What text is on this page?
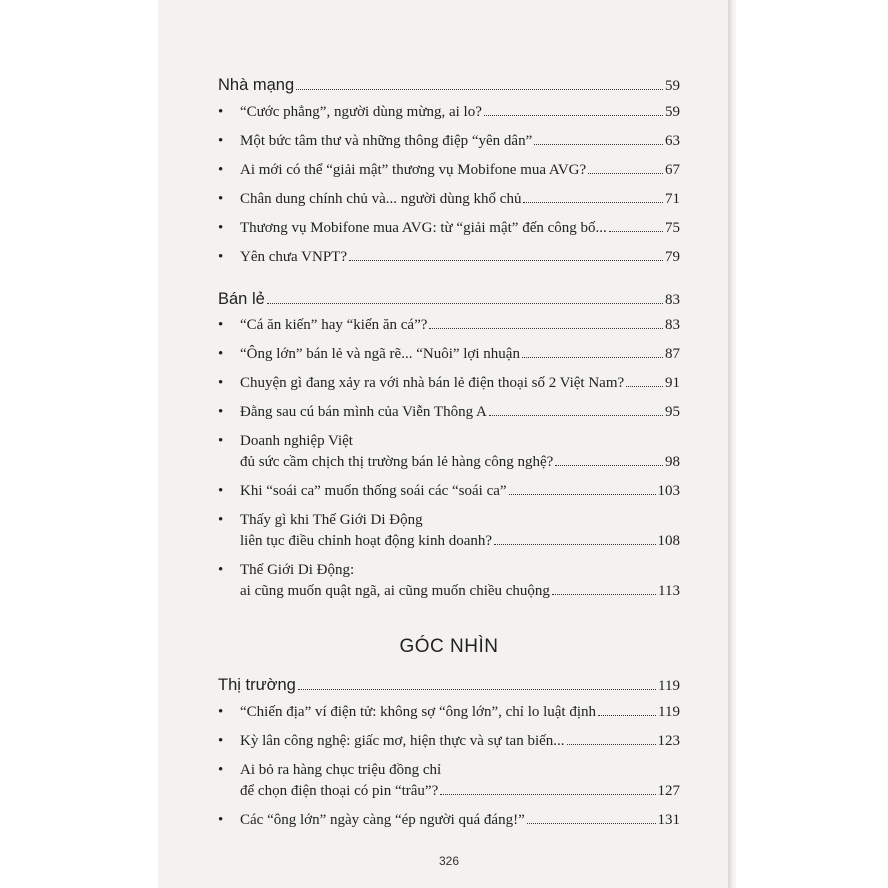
Nhà mạng	59
• “Cước phẳng”, người dùng mừng, ai lo?	59
• Một bức tâm thư và những thông điệp “yên dân”	63
• Ai mới có thể “giải mật” thương vụ Mobifone mua AVG?	67
• Chân dung chính chủ và... người dùng khổ chủ	71
• Thương vụ Mobifone mua AVG: từ “giải mật” đến công bố...	75
• Yên chưa VNPT?	79
Bán lẻ	83
• “Cá ăn kiến” hay “kiến ăn cá”?	83
• “Ông lớn” bán lẻ và ngã rẽ... “Nuôi” lợi nhuận	87
• Chuyện gì đang xảy ra với nhà bán lẻ điện thoại số 2 Việt Nam?	91
• Đằng sau cú bán mình của Viễn Thông A	95
• Doanh nghiệp Việt
đủ sức cầm chịch thị trường bán lẻ hàng công nghệ?	98
• Khi “soái ca” muốn thống soái các “soái ca”	103
• Thấy gì khi Thế Giới Di Động
liên tục điều chỉnh hoạt động kinh doanh?	108
• Thế Giới Di Động:
ai cũng muốn quật ngã, ai cũng muốn chiều chuộng	113
GÓC NHÌN
Thị trường	119
• “Chiến địa” ví điện tử: không sợ “ông lớn”, chỉ lo luật định	119
• Kỳ lân công nghệ: giấc mơ, hiện thực và sự tan biến...	123
• Ai bỏ ra hàng chục triệu đồng chỉ
để chọn điện thoại có pin “trâu”?	127
• Các “ông lớn” ngày càng “ép người quá đáng!”	131
326
